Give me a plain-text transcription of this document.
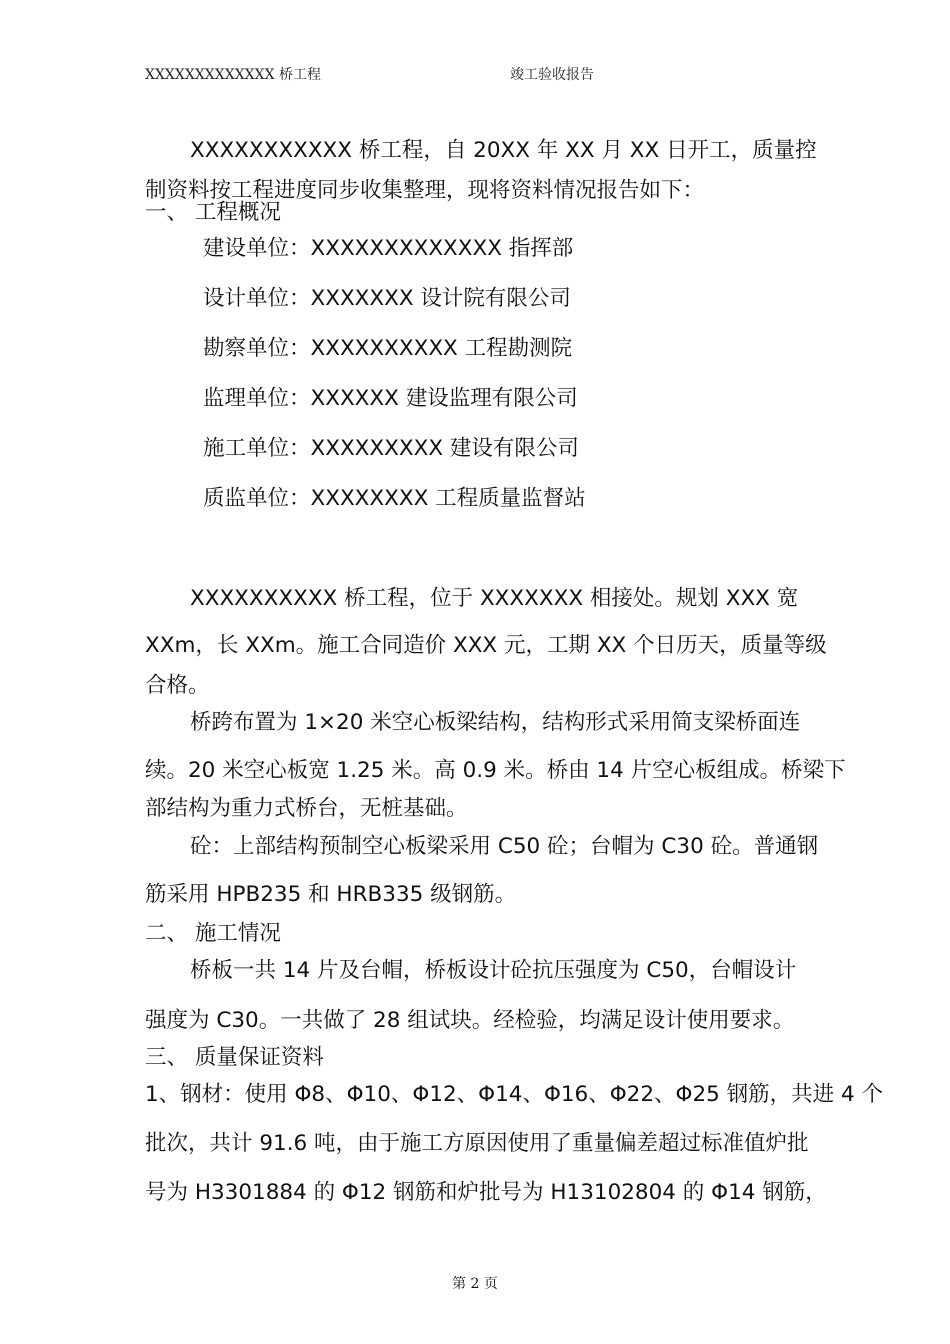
XXXXXXXXXXXXX 桥工程	竣工验收报告
XXXXXXXXXXX 桥工程，自 20XX 年 XX 月 XX 日开工，质量控
制资料按工程进度同步收集整理，现将资料情况报告如下：
一、 工程概况
建设单位：XXXXXXXXXXXXX 指挥部
设计单位：XXXXXXX 设计院有限公司
勘察单位：XXXXXXXXXX 工程勘测院
监理单位：XXXXXX 建设监理有限公司
施工单位：XXXXXXXXX 建设有限公司
质监单位：XXXXXXXX 工程质量监督站
XXXXXXXXXX 桥工程，位于 XXXXXXX 相接处。规划 XXX 宽
XXm，长 XXm。施工合同造价 XXX 元，工期 XX 个日历天，质量等级
合格。
桥跨布置为 1×20 米空心板梁结构，结构形式采用简支梁桥面连
续。20 米空心板宽 1.25 米。高 0.9 米。桥由 14 片空心板组成。桥梁下
部结构为重力式桥台，无桩基础。
砼：上部结构预制空心板梁采用 C50 砼；台帽为 C30 砼。普通钢
筋采用 HPB235 和 HRB335 级钢筋。
二、 施工情况
桥板一共 14 片及台帽，桥板设计砼抗压强度为 C50，台帽设计
强度为 C30。一共做了 28 组试块。经检验，均满足设计使用要求。
三、 质量保证资料
1、钢材：使用 Φ8、Φ10、Φ12、Φ14、Φ16、Φ22、Φ25 钢筋，共进 4 个
批次，共计 91.6 吨，由于施工方原因使用了重量偏差超过标准值炉批
号为 H3301884 的 Φ12 钢筋和炉批号为 H13102804 的 Φ14 钢筋，
第 2 页
